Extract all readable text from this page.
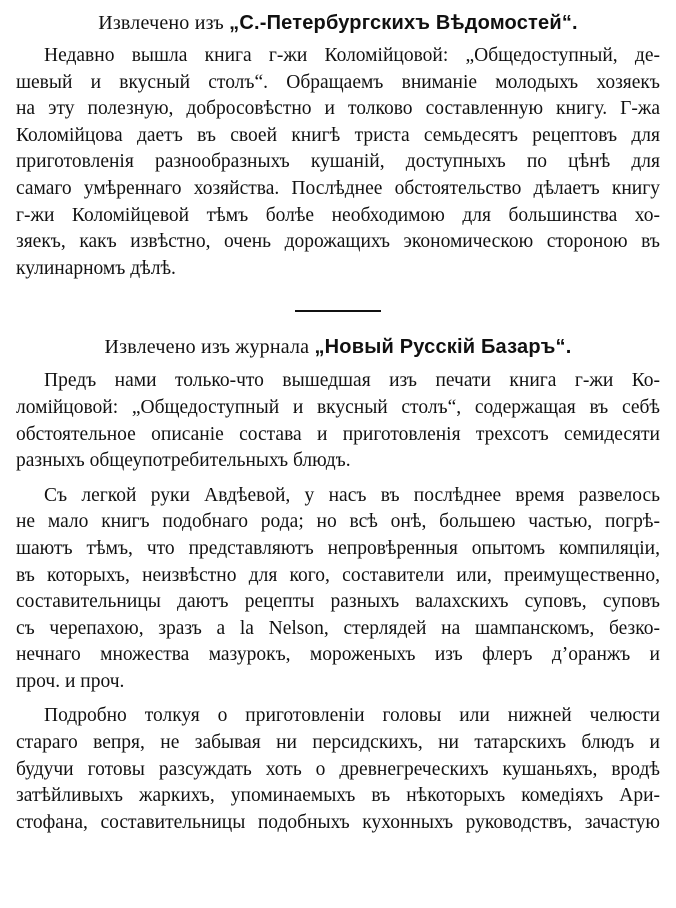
Извлечено изъ „С.-Петербургскихъ Вѣдомостей“.
Недавно вышла книга г-жи Коломійцовой: „Общедоступный, де-
шевый и вкусный столъ“. Обращаемъ вниманіе молодыхъ хозяекъ
на эту полезную, добросовѣстно и толково составленную книгу. Г-жа
Коломійцова даетъ въ своей книгѣ триста семьдесятъ рецептовъ для
приготовленія разнообразныхъ кушаній, доступныхъ по цѣнѣ для
самаго умѣреннаго хозяйства. Послѣднее обстоятельство дѣлаетъ книгу
г-жи Коломійцевой тѣмъ болѣе необходимою для большинства хо-
зяекъ, какъ извѣстно, очень дорожащихъ экономическою стороною въ
кулинарномъ дѣлѣ.
Извлечено изъ журнала „Новый Русскій Базаръ“.
Предъ нами только-что вышедшая изъ печати книга г-жи Ко-
ломійцовой: „Общедоступный и вкусный столъ“, содержащая въ себѣ
обстоятельное описаніе состава и приготовленія трехсотъ семидесяти
разныхъ общеупотребительныхъ блюдъ.
Съ легкой руки Авдѣевой, у насъ въ послѣднее время развелось
не мало книгъ подобнаго рода; но всѣ онѣ, большею частью, погрѣ-
шаютъ тѣмъ, что представляютъ непровѣренныя опытомъ компиляціи,
въ которыхъ, неизвѣстно для кого, составители или, преимущественно,
составительницы даютъ рецепты разныхъ валахскихъ суповъ, суповъ
съ черепахою, зразъ а la Nelson, стерлядей на шампанскомъ, безко-
нечнаго множества мазурокъ, мороженыхъ изъ флеръ д’оранжъ и
проч. и проч.
Подробно толкуя о приготовленіи головы или нижней челюсти
стараго вепря, не забывая ни персидскихъ, ни татарскихъ блюдъ и
будучи готовы разсуждать хоть о древнегреческихъ кушаньяхъ, вродѣ
затѣйливыхъ жаркихъ, упоминаемыхъ въ нѣкоторыхъ комедіяхъ Ари-
стофана, составительницы подобныхъ кухонныхъ руководствъ, зачастую
